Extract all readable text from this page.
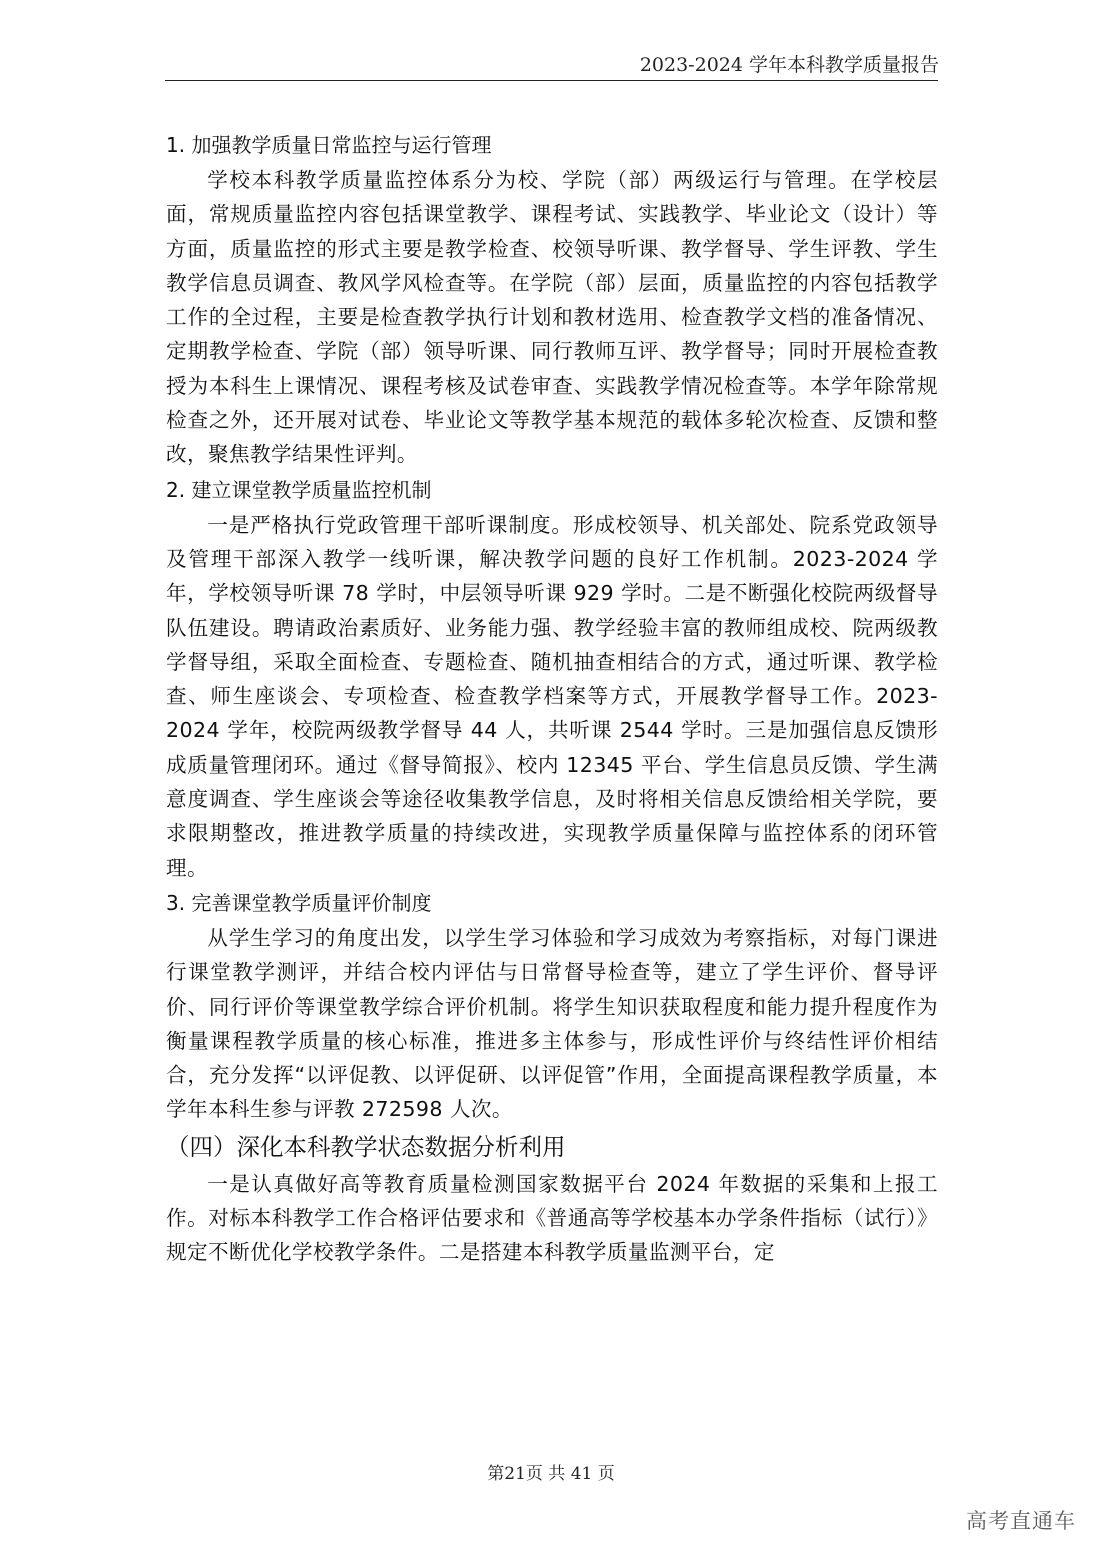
2023-2024 学年本科教学质量报告
1. 加强教学质量日常监控与运行管理

学校本科教学质量监控体系分为校、学院（部）两级运行与管理。在学校层面，常规质量监控内容包括课堂教学、课程考试、实践教学、毕业论文（设计）等方面，质量监控的形式主要是教学检查、校领导听课、教学督导、学生评教、学生教学信息员调查、教风学风检查等。在学院（部）层面，质量监控的内容包括教学工作的全过程，主要是检查教学执行计划和教材选用、检查教学文档的准备情况、定期教学检查、学院（部）领导听课、同行教师互评、教学督导；同时开展检查教授为本科生上课情况、课程考核及试卷审查、实践教学情况检查等。本学年除常规检查之外，还开展对试卷、毕业论文等教学基本规范的载体多轮次检查、反馈和整改，聚焦教学结果性评判。

2. 建立课堂教学质量监控机制

一是严格执行党政管理干部听课制度。形成校领导、机关部处、院系党政领导及管理干部深入教学一线听课，解决教学问题的良好工作机制。2023-2024 学年，学校领导听课 78 学时，中层领导听课 929 学时。二是不断强化校院两级督导队伍建设。聘请政治素质好、业务能力强、教学经验丰富的教师组成校、院两级教学督导组，采取全面检查、专题检查、随机抽查相结合的方式，通过听课、教学检查、师生座谈会、专项检查、检查教学档案等方式，开展教学督导工作。2023-2024 学年，校院两级教学督导 44 人，共听课 2544 学时。三是加强信息反馈形成质量管理闭环。通过《督导简报》、校内 12345 平台、学生信息员反馈、学生满意度调查、学生座谈会等途径收集教学信息，及时将相关信息反馈给相关学院，要求限期整改，推进教学质量的持续改进，实现教学质量保障与监控体系的闭环管理。

3. 完善课堂教学质量评价制度

从学生学习的角度出发，以学生学习体验和学习成效为考察指标，对每门课进行课堂教学测评，并结合校内评估与日常督导检查等，建立了学生评价、督导评价、同行评价等课堂教学综合评价机制。将学生知识获取程度和能力提升程度作为衡量课程教学质量的核心标准，推进多主体参与，形成性评价与终结性评价相结合，充分发挥“以评促教、以评促研、以评促管”作用，全面提高课程教学质量，本学年本科生参与评教 272598 人次。

（四）深化本科教学状态数据分析利用

一是认真做好高等教育质量检测国家数据平台 2024 年数据的采集和上报工作。对标本科教学工作合格评估要求和《普通高等学校基本办学条件指标（试行）》规定不断优化学校教学条件。二是搭建本科教学质量监测平台，定

第21页 共 41 页
高考直通车
